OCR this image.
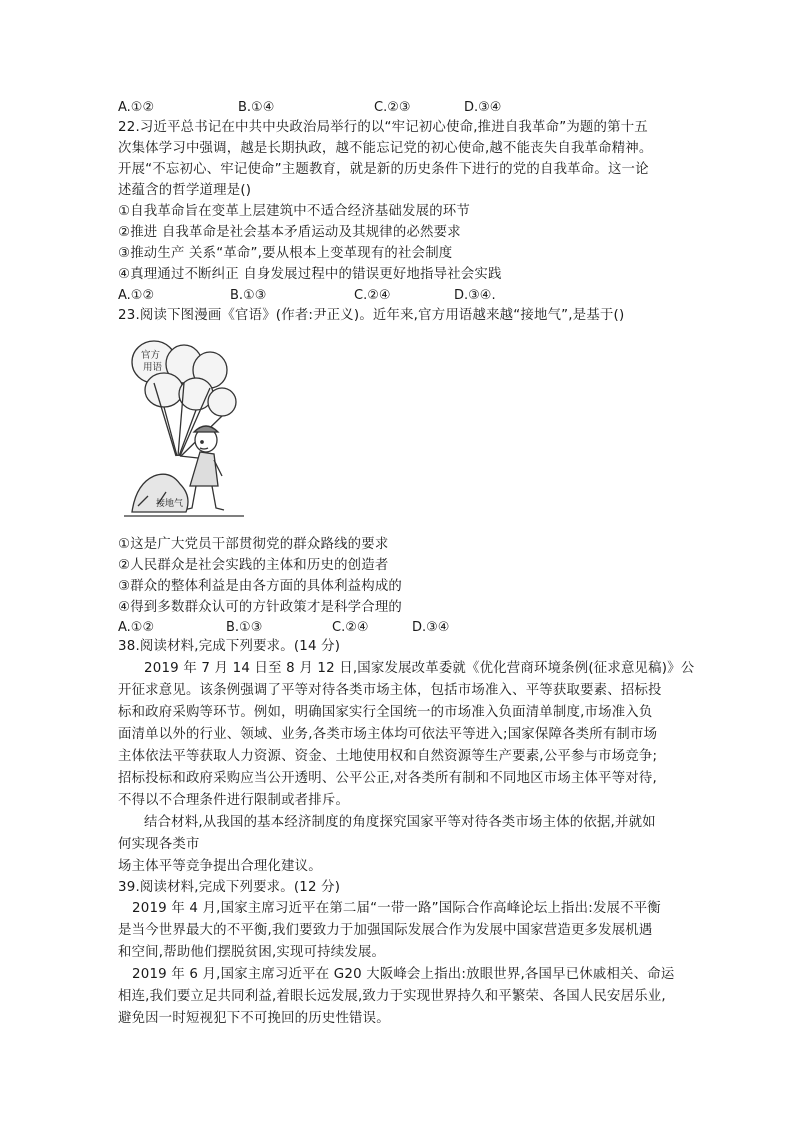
A.①②	B.①④	C.②③	D.③④
22.习近平总书记在中共中央政治局举行的以“牢记初心使命,推进自我革命”为题的第十五
次集体学习中强调，越是长期执政，越不能忘记党的初心使命,越不能丧失自我革命精神。
开展“不忘初心、牢记使命”主题教育，就是新的历史条件下进行的党的自我革命。这一论
述蕴含的哲学道理是()
①自我革命旨在变革上层建筑中不适合经济基础发展的环节
②推进 自我革命是社会基本矛盾运动及其规律的必然要求
③推动生产 关系“革命”,要从根本上变革现有的社会制度
④真理通过不断纠正 自身发展过程中的错误更好地指导社会实践
A.①②	B.①③	C.②④	D.③④.
23.阅读下图漫画《官语》(作者:尹正义)。近年来,官方用语越来越“接地气”,是基于()
官方
用语
接地气
①这是广大党员干部贯彻党的群众路线的要求
②人民群众是社会实践的主体和历史的创造者
③群众的整体利益是由各方面的具体利益构成的
④得到多数群众认可的方针政策才是科学合理的
A.①②	B.①③	C.②④	D.③④
38.阅读材料,完成下列要求。(14 分)
2019 年 7 月 14 日至 8 月 12 日,国家发展改革委就《优化营商环境条例(征求意见稿)》公
开征求意见。该条例强调了平等对待各类市场主体，包括市场准入、平等获取要素、招标投
标和政府采购等环节。例如，明确国家实行全国统一的市场准入负面清单制度,市场准入负
面清单以外的行业、领域、业务,各类市场主体均可依法平等进入;国家保障各类所有制市场
主体依法平等获取人力资源、资金、土地使用权和自然资源等生产要素,公平参与市场竞争;
招标投标和政府采购应当公开透明、公平公正,对各类所有制和不同地区市场主体平等对待,
不得以不合理条件进行限制或者排斥。
结合材料,从我国的基本经济制度的角度探究国家平等对待各类市场主体的依据,并就如
何实现各类市
场主体平等竞争提出合理化建议。
39.阅读材料,完成下列要求。(12 分)
2019 年 4 月,国家主席习近平在第二届“一带一路”国际合作高峰论坛上指出:发展不平衡
是当今世界最大的不平衡,我们要致力于加强国际发展合作为发展中国家营造更多发展机遇
和空间,帮助他们摆脱贫困,实现可持续发展。
2019 年 6 月,国家主席习近平在 G20 大阪峰会上指出:放眼世界,各国早已休戚相关、命运
相连,我们要立足共同利益,着眼长远发展,致力于实现世界持久和平繁荣、各国人民安居乐业,
避免因一时短视犯下不可挽回的历史性错误。
